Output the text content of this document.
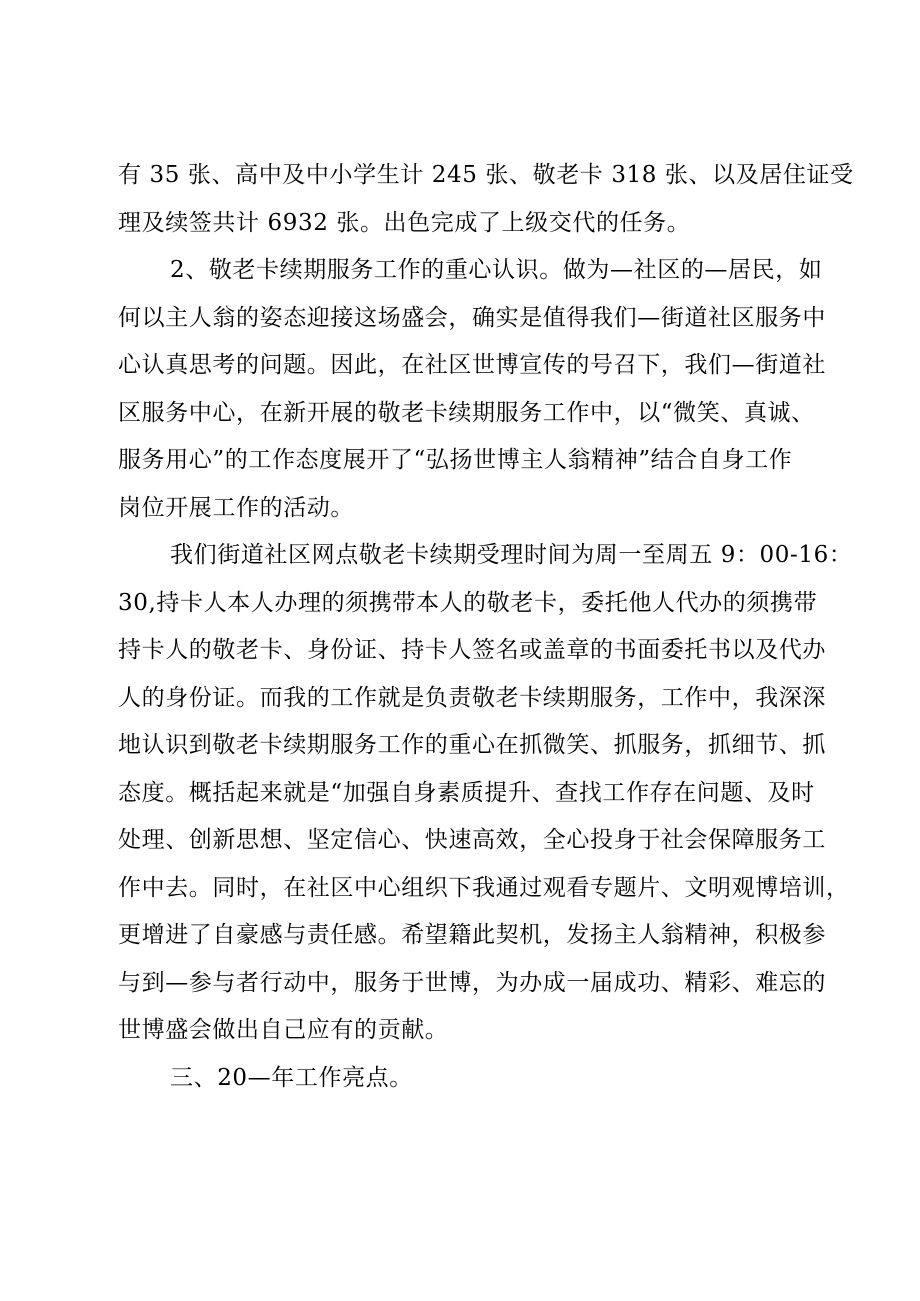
有 35 张、高中及中小学生计 245 张、敬老卡 318 张、以及居住证受
理及续签共计 6932 张。出色完成了上级交代的任务。
2、敬老卡续期服务工作的重心认识。做为—社区的—居民，如
何以主人翁的姿态迎接这场盛会，确实是值得我们—街道社区服务中
心认真思考的问题。因此，在社区世博宣传的号召下，我们—街道社
区服务中心，在新开展的敬老卡续期服务工作中，以“微笑、真诚、
服务用心”的工作态度展开了“弘扬世博主人翁精神”结合自身工作
岗位开展工作的活动。
我们街道社区网点敬老卡续期受理时间为周一至周五 9：00-16：
30,持卡人本人办理的须携带本人的敬老卡，委托他人代办的须携带
持卡人的敬老卡、身份证、持卡人签名或盖章的书面委托书以及代办
人的身份证。而我的工作就是负责敬老卡续期服务，工作中，我深深
地认识到敬老卡续期服务工作的重心在抓微笑、抓服务，抓细节、抓
态度。概括起来就是“加强自身素质提升、查找工作存在问题、及时
处理、创新思想、坚定信心、快速高效，全心投身于社会保障服务工
作中去。同时，在社区中心组织下我通过观看专题片、文明观博培训，
更增进了自豪感与责任感。希望籍此契机，发扬主人翁精神，积极参
与到—参与者行动中，服务于世博，为办成一届成功、精彩、难忘的
世博盛会做出自己应有的贡献。
三、20—年工作亮点。
